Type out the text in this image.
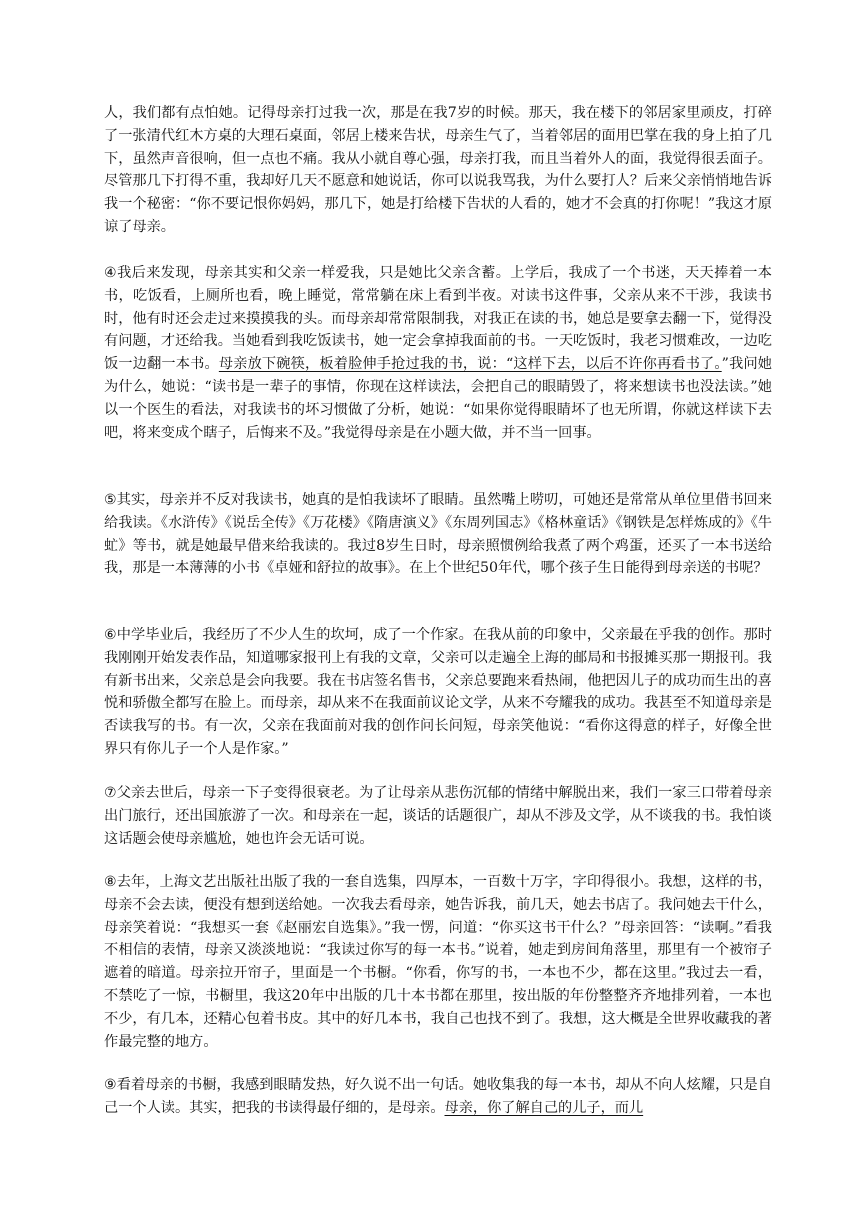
人，我们都有点怕她。记得母亲打过我一次，那是在我7岁的时候。那天，我在楼下的邻居家里顽皮，打碎了一张清代红木方桌的大理石桌面，邻居上楼来告状，母亲生气了，当着邻居的面用巴掌在我的身上拍了几下，虽然声音很响，但一点也不痛。我从小就自尊心强，母亲打我，而且当着外人的面，我觉得很丢面子。尽管那几下打得不重，我却好几天不愿意和她说话，你可以说我骂我，为什么要打人？后来父亲悄悄地告诉我一个秘密：“你不要记恨你妈妈，那几下，她是打给楼下告状的人看的，她才不会真的打你呢！”我这才原谅了母亲。

④我后来发现，母亲其实和父亲一样爱我，只是她比父亲含蓄。上学后，我成了一个书迷，天天捧着一本书，吃饭看，上厕所也看，晚上睡觉，常常躺在床上看到半夜。对读书这件事，父亲从来不干涉，我读书时，他有时还会走过来摸摸我的头。而母亲却常常限制我，对我正在读的书，她总是要拿去翻一下，觉得没有问题，才还给我。当她看到我吃饭读书，她一定会拿掉我面前的书。一天吃饭时，我老习惯难改，一边吃饭一边翻一本书。母亲放下碗筷，板着脸伸手抢过我的书，说：“这样下去，以后不许你再看书了。”我问她为什么，她说：“读书是一辈子的事情，你现在这样读法，会把自己的眼睛毁了，将来想读书也没法读。”她以一个医生的看法，对我读书的坏习惯做了分析，她说：“如果你觉得眼睛坏了也无所谓，你就这样读下去吧，将来变成个瞎子，后悔来不及。”我觉得母亲是在小题大做，并不当一回事。

⑤其实，母亲并不反对我读书，她真的是怕我读坏了眼睛。虽然嘴上唠叨，可她还是常常从单位里借书回来给我读。《水浒传》《说岳全传》《万花楼》《隋唐演义》《东周列国志》《格林童话》《钢铁是怎样炼成的》《牛虻》等书，就是她最早借来给我读的。我过8岁生日时，母亲照惯例给我煮了两个鸡蛋，还买了一本书送给我，那是一本薄薄的小书《卓娅和舒拉的故事》。在上个世纪50年代，哪个孩子生日能得到母亲送的书呢？

⑥中学毕业后，我经历了不少人生的坎坷，成了一个作家。在我从前的印象中，父亲最在乎我的创作。那时我刚刚开始发表作品，知道哪家报刊上有我的文章，父亲可以走遍全上海的邮局和书报摊买那一期报刊。我有新书出来，父亲总是会向我要。我在书店签名售书，父亲总要跑来看热闹，他把因儿子的成功而生出的喜悦和骄傲全都写在脸上。而母亲，却从来不在我面前议论文学，从来不夸耀我的成功。我甚至不知道母亲是否读我写的书。有一次，父亲在我面前对我的创作问长问短，母亲笑他说：“看你这得意的样子，好像全世界只有你儿子一个人是作家。”

⑦父亲去世后，母亲一下子变得很衰老。为了让母亲从悲伤沉郁的情绪中解脱出来，我们一家三口带着母亲出门旅行，还出国旅游了一次。和母亲在一起，谈话的话题很广，却从不涉及文学，从不谈我的书。我怕谈这话题会使母亲尴尬，她也许会无话可说。

⑧去年，上海文艺出版社出版了我的一套自选集，四厚本，一百数十万字，字印得很小。我想，这样的书，母亲不会去读，便没有想到送给她。一次我去看母亲，她告诉我，前几天，她去书店了。我问她去干什么，母亲笑着说：“我想买一套《赵丽宏自选集》。”我一愣，问道：“你买这书干什么？”母亲回答：“读啊。”看我不相信的表情，母亲又淡淡地说：“我读过你写的每一本书。”说着，她走到房间角落里，那里有一个被帘子遮着的暗道。母亲拉开帘子，里面是一个书橱。“你看，你写的书，一本也不少，都在这里。”我过去一看，不禁吃了一惊，书橱里，我这20年中出版的几十本书都在那里，按出版的年份整整齐齐地排列着，一本也不少，有几本，还精心包着书皮。其中的好几本书，我自己也找不到了。我想，这大概是全世界收藏我的著作最完整的地方。

⑨看着母亲的书橱，我感到眼睛发热，好久说不出一句话。她收集我的每一本书，却从不向人炫耀，只是自己一个人读。其实，把我的书读得最仔细的，是母亲。母亲，你了解自己的儿子，而儿
